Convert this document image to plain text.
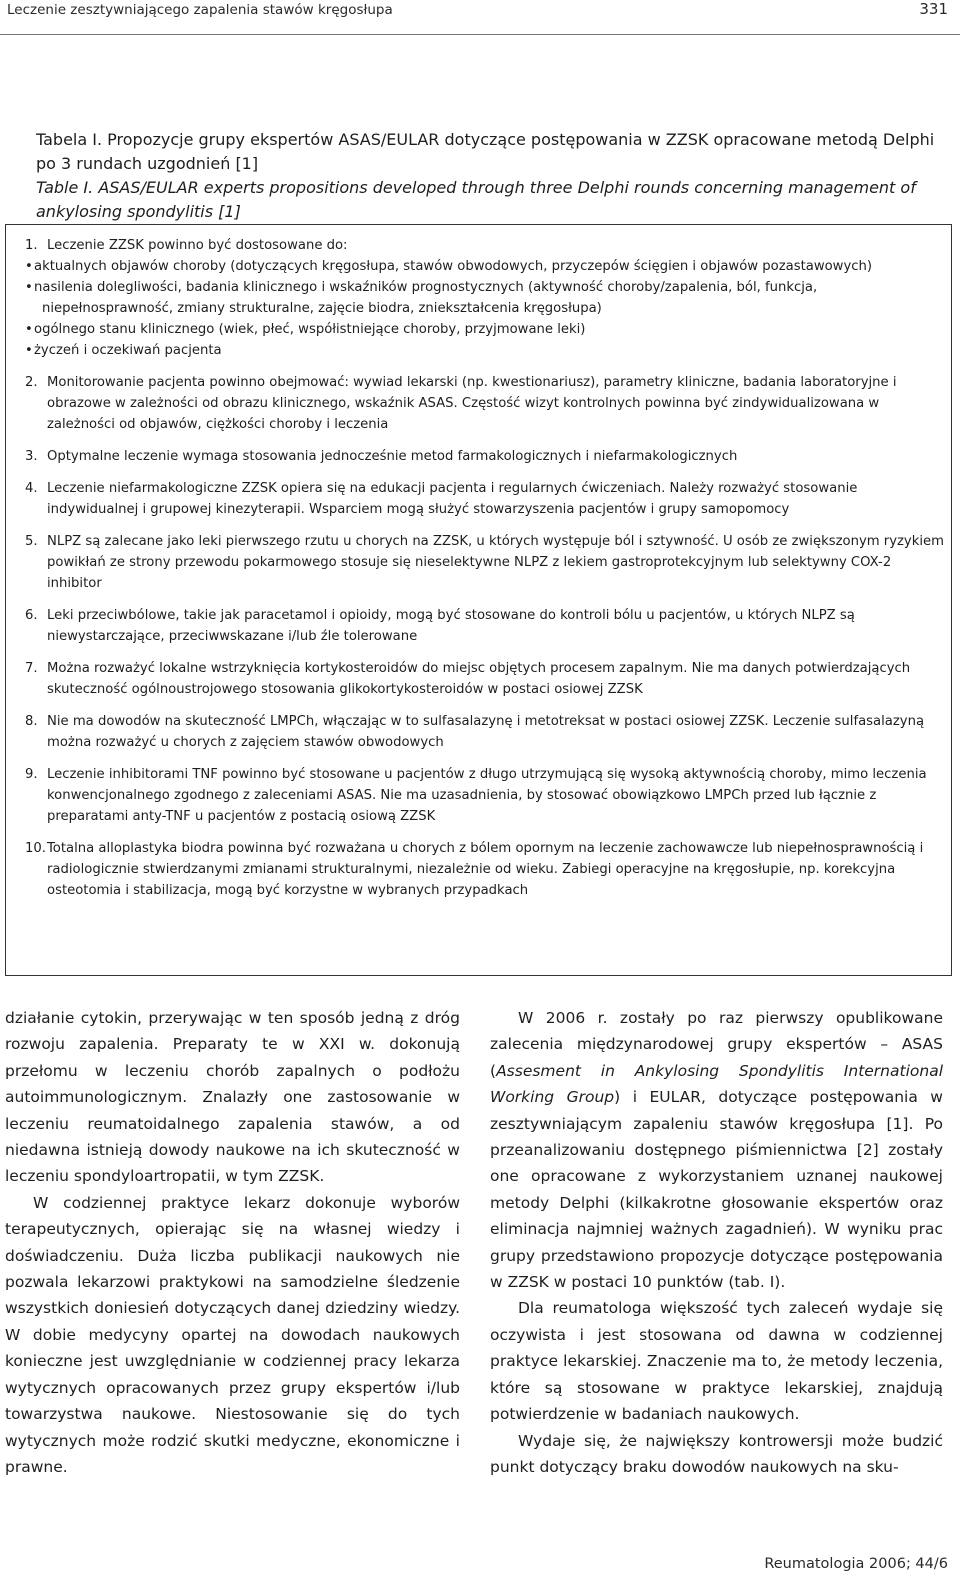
Leczenie zesztywniającego zapalenia stawów kręgosłupa	331

Tabela I. Propozycje grupy ekspertów ASAS/EULAR dotyczące postępowania w ZZSK opracowane metodą Delphi po 3 rundach uzgodnień [1]

Table I. ASAS/EULAR experts propositions developed through three Delphi rounds concerning management of ankylosing spondylitis [1]

1. Leczenie ZZSK powinno być dostosowane do:

• aktualnych objawów choroby (dotyczących kręgosłupa, stawów obwodowych, przyczepów ścięgien i objawów pozastawowych)
• nasilenia dolegliwości, badania klinicznego i wskaźników prognostycznych (aktywność choroby/zapalenia, ból, funkcja,
niepełnosprawność, zmiany strukturalne, zajęcie biodra, zniekształcenia kręgosłupa)
• ogólnego stanu klinicznego (wiek, płeć, współistniejące choroby, przyjmowane leki)
• życzeń i oczekiwań pacjenta
2. Monitorowanie pacjenta powinno obejmować: wywiad lekarski (np. kwestionariusz), parametry kliniczne, badania laboratoryjne i obrazowe w zależności od obrazu klinicznego, wskaźnik ASAS. Częstość wizyt kontrolnych powinna być zindywidualizowana w zależności od objawów, ciężkości choroby i leczenia

3. Optymalne leczenie wymaga stosowania jednocześnie metod farmakologicznych i niefarmakologicznych

4. Leczenie niefarmakologiczne ZZSK opiera się na edukacji pacjenta i regularnych ćwiczeniach. Należy rozważyć stosowanie indywidualnej i grupowej kinezyterapii. Wsparciem mogą służyć stowarzyszenia pacjentów i grupy samopomocy

5. NLPZ są zalecane jako leki pierwszego rzutu u chorych na ZZSK, u których występuje ból i sztywność. U osób ze zwiększonym ryzykiem powikłań ze strony przewodu pokarmowego stosuje się nieselektywne NLPZ z lekiem gastroprotekcyjnym lub selektywny COX-2 inhibitor

6. Leki przeciwbólowe, takie jak paracetamol i opioidy, mogą być stosowane do kontroli bólu u pacjentów, u których NLPZ są niewystarczające, przeciwwskazane i/lub źle tolerowane

7. Można rozważyć lokalne wstrzyknięcia kortykosteroidów do miejsc objętych procesem zapalnym. Nie ma danych potwierdzających skuteczność ogólnoustrojowego stosowania glikokortykosteroidów w postaci osiowej ZZSK

8. Nie ma dowodów na skuteczność LMPCh, włączając w to sulfasalazynę i metotreksat w postaci osiowej ZZSK. Leczenie sulfasalazyną można rozważyć u chorych z zajęciem stawów obwodowych

9. Leczenie inhibitorami TNF powinno być stosowane u pacjentów z długo utrzymującą się wysoką aktywnością choroby, mimo leczenia konwencjonalnego zgodnego z zaleceniami ASAS. Nie ma uzasadnienia, by stosować obowiązkowo LMPCh przed lub łącznie z preparatami anty-TNF u pacjentów z postacią osiową ZZSK

10. Totalna alloplastyka biodra powinna być rozważana u chorych z bólem opornym na leczenie zachowawcze lub niepełnosprawnością i radiologicznie stwierdzanymi zmianami strukturalnymi, niezależnie od wieku. Zabiegi operacyjne na kręgosłupie, np. korekcyjna osteotomia i stabilizacja, mogą być korzystne w wybranych przypadkach

działanie cytokin, przerywając w ten sposób jedną z dróg rozwoju zapalenia. Preparaty te w XXI w. dokonują przełomu w leczeniu chorób zapalnych o podłożu autoimmunologicznym. Znalazły one zastosowanie w leczeniu reumatoidalnego zapalenia stawów, a od niedawna istnieją dowody naukowe na ich skuteczność w leczeniu spondyloartropatii, w tym ZZSK.

W codziennej praktyce lekarz dokonuje wyborów terapeutycznych, opierając się na własnej wiedzy i doświadczeniu. Duża liczba publikacji naukowych nie pozwala lekarzowi praktykowi na samodzielne śledzenie wszystkich doniesień dotyczących danej dziedziny wiedzy. W dobie medycyny opartej na dowodach naukowych konieczne jest uwzględnianie w codziennej pracy lekarza wytycznych opracowanych przez grupy ekspertów i/lub towarzystwa naukowe. Niestosowanie się do tych wytycznych może rodzić skutki medyczne, ekonomiczne i prawne.

W 2006 r. zostały po raz pierwszy opublikowane zalecenia międzynarodowej grupy ekspertów – ASAS (Assesment in Ankylosing Spondylitis International Working Group) i EULAR, dotyczące postępowania w zesztywniającym zapaleniu stawów kręgosłupa [1]. Po przeanalizowaniu dostępnego piśmiennictwa [2] zostały one opracowane z wykorzystaniem uznanej naukowej metody Delphi (kilkakrotne głosowanie ekspertów oraz eliminacja najmniej ważnych zagadnień). W wyniku prac grupy przedstawiono propozycje dotyczące postępowania w ZZSK w postaci 10 punktów (tab. I).

Dla reumatologa większość tych zaleceń wydaje się oczywista i jest stosowana od dawna w codziennej praktyce lekarskiej. Znaczenie ma to, że metody leczenia, które są stosowane w praktyce lekarskiej, znajdują potwierdzenie w badaniach naukowych.

Wydaje się, że największy kontrowersji może budzić punkt dotyczący braku dowodów naukowych na sku-

Reumatologia 2006; 44/6
